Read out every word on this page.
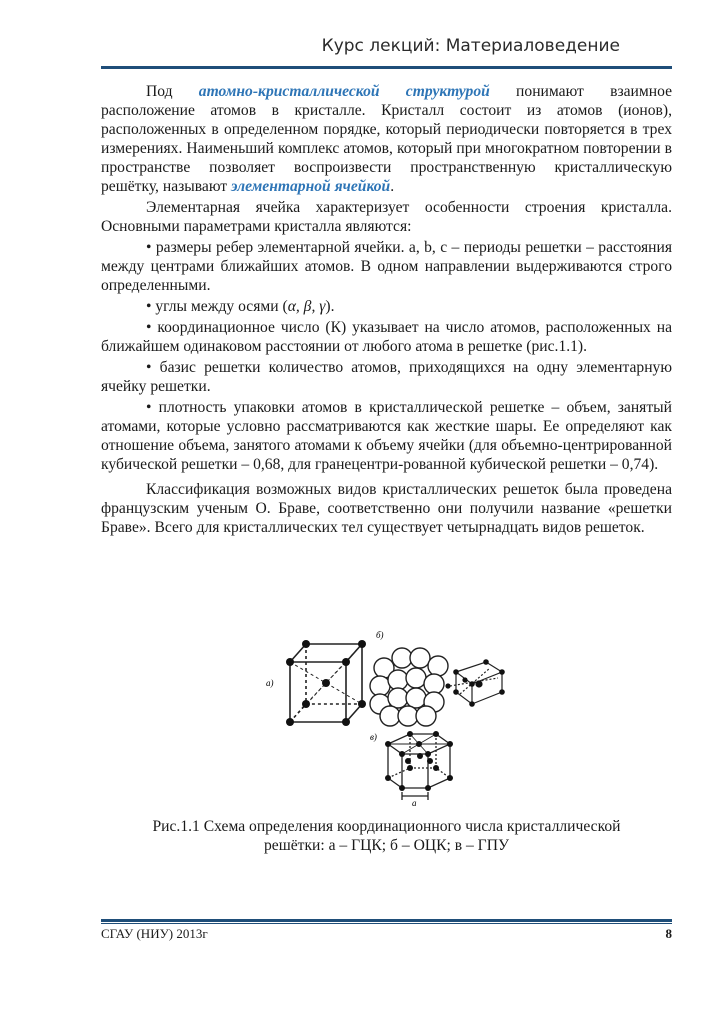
Курс лекций: Материаловедение

Под атомно-кристаллической структурой понимают взаимное расположение атомов в кристалле. Кристалл состоит из атомов (ионов), расположенных в определенном порядке, который периодически повторяется в трех измерениях. Наименьший комплекс атомов, который при многократном повторении в пространстве позволяет воспроизвести пространственную кристаллическую решётку, называют элементарной ячейкой.

Элементарная ячейка характеризует особенности строения кристалла. Основными параметрами кристалла являются:

• размеры ребер элементарной ячейки. a, b, c – периоды решетки – расстояния между центрами ближайших атомов. В одном направлении выдерживаются строго определенными.

• углы между осями (α, β, γ).

• координационное число (К) указывает на число атомов, расположенных на ближайшем одинаковом расстоянии от любого атома в решетке (рис.1.1).

• базис решетки количество атомов, приходящихся на одну элементарную ячейку решетки.

• плотность упаковки атомов в кристаллической решетке – объем, занятый атомами, которые условно рассматриваются как жесткие шары. Ее определяют как отношение объема, занятого атомами к объему ячейки (для объемно-центрированной кубической решетки – 0,68, для гранецентри-рованной кубической решетки – 0,74).

Классификация возможных видов кристаллических решеток была проведена французским ученым О. Браве, соответственно они получили название «решетки Браве». Всего для кристаллических тел существует четырнадцать видов решеток.

а)
б)
в)
а
Рис.1.1 Схема определения координационного числа кристаллической
решётки: а – ГЦК; б – ОЦК; в – ГПУ
СГАУ (НИУ) 2013г	8
